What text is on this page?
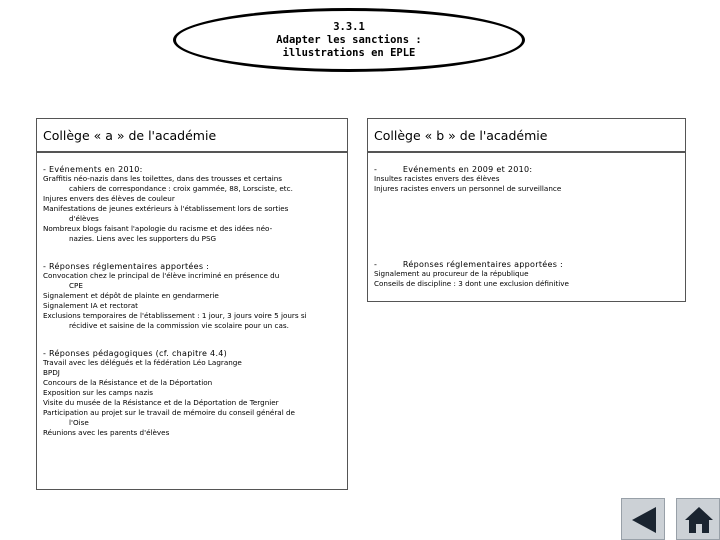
3.3.1
Adapter les sanctions :
illustrations en EPLE
Collège « a » de l'académie
- Evénements en 2010:
Graffitis néo-nazis dans les toilettes, dans des trousses et certains
cahiers de correspondance : croix gammée, 88, Lorsciste, etc.
Injures envers des élèves de couleur
Manifestations de jeunes extérieurs à l'établissement lors de sorties
d'élèves
Nombreux blogs faisant l'apologie du racisme et des idées néo-
nazies. Liens avec les supporters du PSG
- Réponses réglementaires apportées :
Convocation chez le principal de l'élève incriminé en présence du
CPE
Signalement et dépôt de plainte en gendarmerie
Signalement IA et rectorat
Exclusions temporaires de l'établissement : 1 jour, 3 jours voire 5 jours si
récidive et saisine de la commission vie scolaire pour un cas.
- Réponses pédagogiques (cf. chapitre 4.4)
Travail avec les délégués et la fédération Léo Lagrange
BPDJ
Concours de la Résistance et de la Déportation
Exposition sur les camps nazis
Visite du musée de la Résistance et de la Déportation de Tergnier
Participation au projet sur le travail de mémoire du conseil général de
l'Oise
Réunions avec les parents d'élèves
Collège « b » de l'académie
-	Evénements en 2009 et 2010:
Insultes racistes envers des élèves
Injures racistes envers un personnel de surveillance
-	Réponses réglementaires apportées :
Signalement au procureur de la république
Conseils de discipline : 3 dont une exclusion définitive
